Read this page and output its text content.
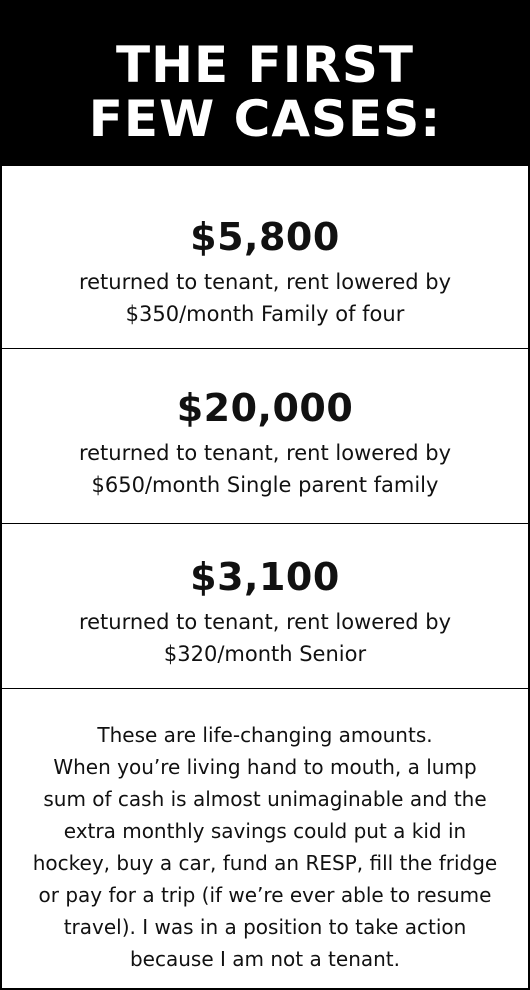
THE FIRST
FEW CASES:
$5,800
returned to tenant, rent lowered by
$350/month Family of four
$20,000
returned to tenant, rent lowered by
$650/month Single parent family
$3,100
returned to tenant, rent lowered by
$320/month Senior
These are life-changing amounts.
When you’re living hand to mouth, a lump
sum of cash is almost unimaginable and the
extra monthly savings could put a kid in
hockey, buy a car, fund an RESP, fill the fridge
or pay for a trip (if we’re ever able to resume
travel). I was in a position to take action
because I am not a tenant.
